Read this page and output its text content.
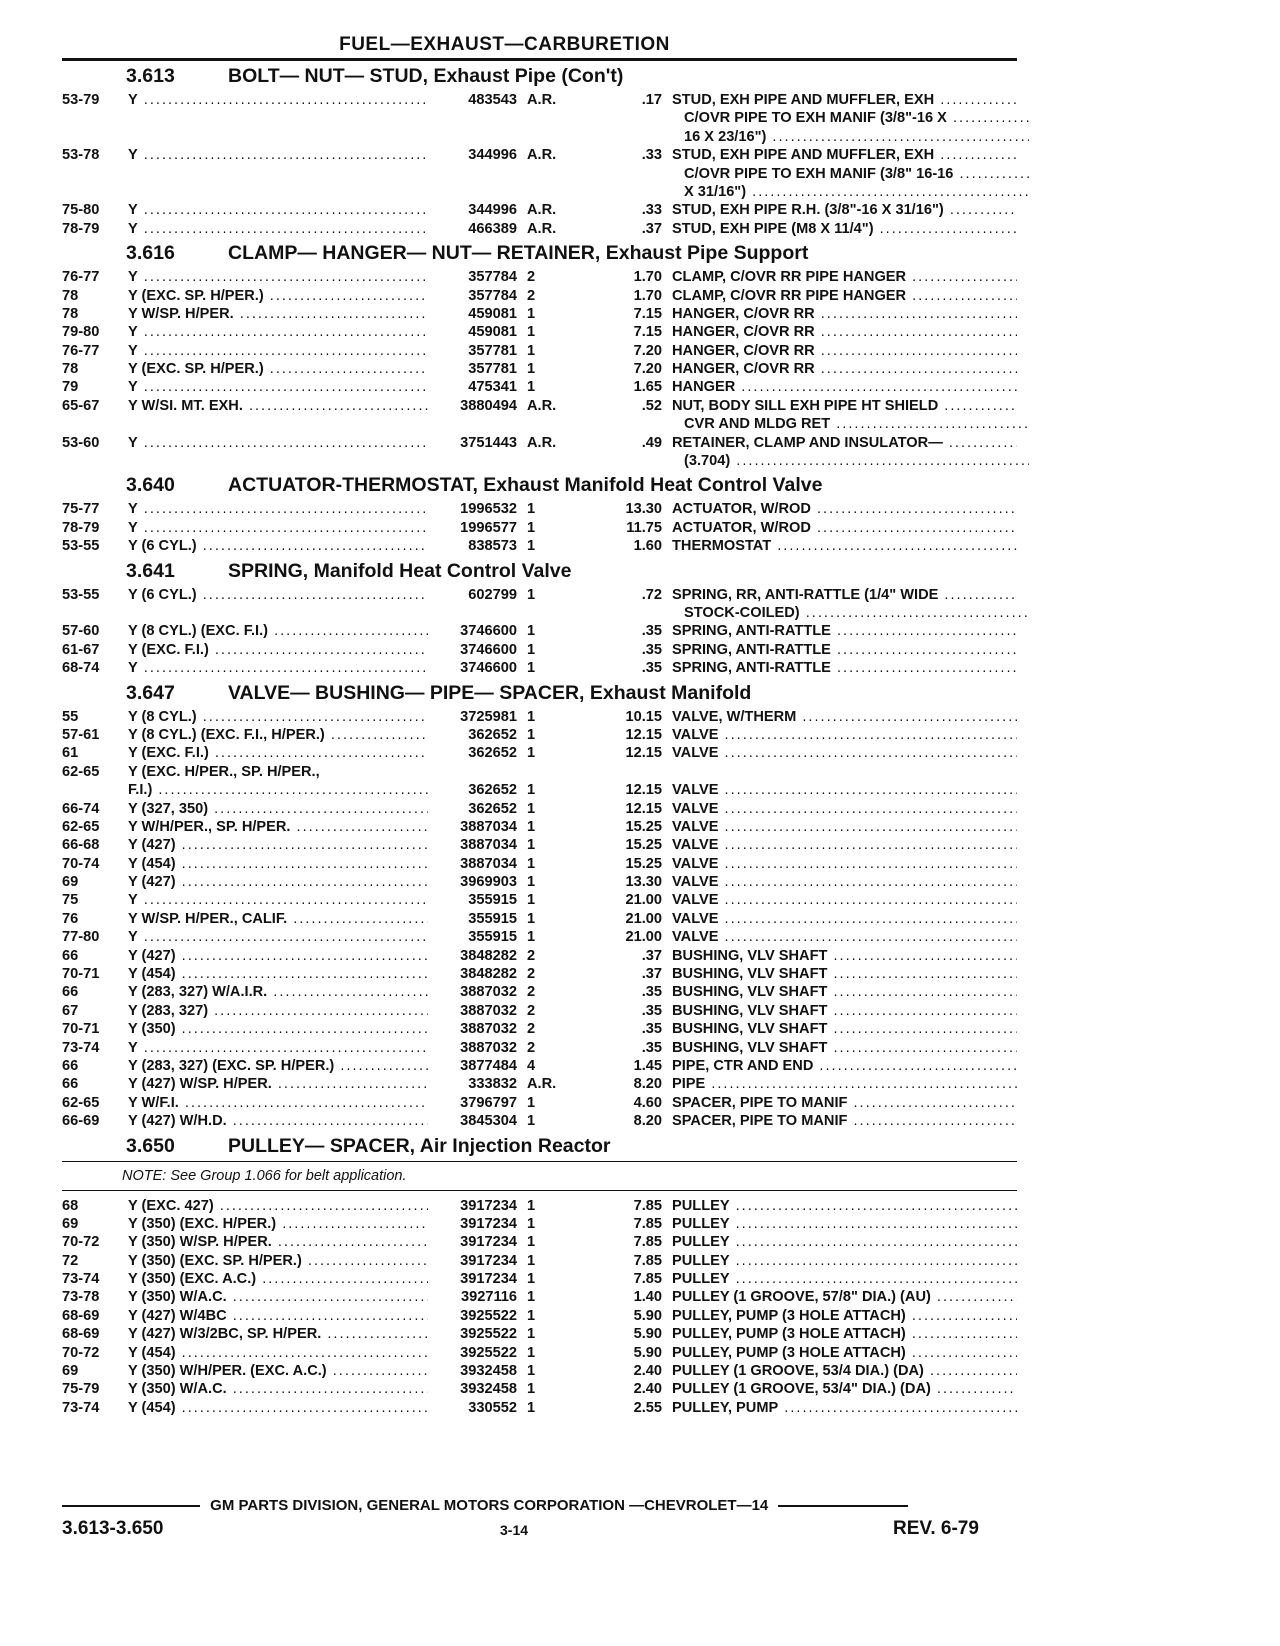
FUEL—EXHAUST—CARBURETION
3.613	BOLT— NUT— STUD, Exhaust Pipe (Con't)
53-79 Y .....	483543 A.R.	.17 STUD, EXH PIPE AND MUFFLER, EXH .....
C/OVR PIPE TO EXH MANIF (3/8"-16 X .....
16 X 23/16") .....
53-78 Y .....	344996 A.R.	.33 STUD, EXH PIPE AND MUFFLER, EXH .....
C/OVR PIPE TO EXH MANIF (3/8" 16-16 .....
X 31/16") .....
75-80 Y .....	344996 A.R.	.33 STUD, EXH PIPE R.H. (3/8"-16 X 31/16") .....
78-79 Y .....	466389 A.R.	.37 STUD, EXH PIPE (M8 X 11/4") .....
3.616	CLAMP— HANGER— NUT— RETAINER, Exhaust Pipe Support
76-77 Y .....	357784 2	1.70 CLAMP, C/OVR RR PIPE HANGER .....
78	Y (EXC. SP. H/PER.) .....	357784 2	1.70 CLAMP, C/OVR RR PIPE HANGER .....
78	Y W/SP. H/PER. .....	459081 1	7.15 HANGER, C/OVR RR .....
79-80 Y .....	459081 1	7.15 HANGER, C/OVR RR .....
76-77 Y .....	357781 1	7.20 HANGER, C/OVR RR .....
78	Y (EXC. SP. H/PER.) .....	357781 1	7.20 HANGER, C/OVR RR .....
79	Y .....	475341 1	1.65 HANGER .....
65-67 Y W/SI. MT. EXH. .....	3880494 A.R.	.52 NUT, BODY SILL EXH PIPE HT SHIELD .....
CVR AND MLDG RET .....
53-60 Y .....	3751443 A.R.	.49 RETAINER, CLAMP AND INSULATOR— .....
(3.704) .....
3.640	ACTUATOR-THERMOSTAT, Exhaust Manifold Heat Control Valve
75-77 Y .....	1996532 1	13.30 ACTUATOR, W/ROD .....
78-79 Y .....	1996577 1	11.75 ACTUATOR, W/ROD .....
53-55 Y (6 CYL.) .....	838573 1	1.60 THERMOSTAT .....
3.641	SPRING, Manifold Heat Control Valve
53-55 Y (6 CYL.) .....	602799 1	.72 SPRING, RR, ANTI-RATTLE (1/4" WIDE .....
STOCK-COILED) .....
57-60 Y (8 CYL.) (EXC. F.I.) .....	3746600 1	.35 SPRING, ANTI-RATTLE .....
61-67 Y (EXC. F.I.) .....	3746600 1	.35 SPRING, ANTI-RATTLE .....
68-74 Y .....	3746600 1	.35 SPRING, ANTI-RATTLE .....
3.647	VALVE— BUSHING— PIPE— SPACER, Exhaust Manifold
55	Y (8 CYL.) .....	3725981 1	10.15 VALVE, W/THERM .....
57-61 Y (8 CYL.) (EXC. F.I., H/PER.) .....	362652 1	12.15 VALVE .....
61	Y (EXC. F.I.) .....	362652 1	12.15 VALVE .....
62-65 Y (EXC. H/PER., SP. H/PER.,
F.I.) .....	362652 1	12.15 VALVE .....
66-74 Y (327, 350) .....	362652 1	12.15 VALVE .....
62-65 Y W/H/PER., SP. H/PER. .....	3887034 1	15.25 VALVE .....
66-68 Y (427) .....	3887034 1	15.25 VALVE .....
70-74 Y (454) .....	3887034 1	15.25 VALVE .....
69	Y (427) .....	3969903 1	13.30 VALVE .....
75	Y .....	355915 1	21.00 VALVE .....
76	Y W/SP. H/PER., CALIF. .....	355915 1	21.00 VALVE .....
77-80 Y .....	355915 1	21.00 VALVE .....
66	Y (427) .....	3848282 2	.37 BUSHING, VLV SHAFT .....
70-71 Y (454) .....	3848282 2	.37 BUSHING, VLV SHAFT .....
66	Y (283, 327) W/A.I.R. .....	3887032 2	.35 BUSHING, VLV SHAFT .....
67	Y (283, 327) .....	3887032 2	.35 BUSHING, VLV SHAFT .....
70-71 Y (350) .....	3887032 2	.35 BUSHING, VLV SHAFT .....
73-74 Y .....	3887032 2	.35 BUSHING, VLV SHAFT .....
66	Y (283, 327) (EXC. SP. H/PER.) .....	3877484 4	1.45 PIPE, CTR AND END .....
66	Y (427) W/SP. H/PER. .....	333832 A.R.	8.20 PIPE .....
62-65 Y W/F.I. .....	3796797 1	4.60 SPACER, PIPE TO MANIF .....
66-69 Y (427) W/H.D. .....	3845304 1	8.20 SPACER, PIPE TO MANIF .....
3.650	PULLEY— SPACER, Air Injection Reactor
NOTE: See Group 1.066 for belt application.
68	Y (EXC. 427) .....	3917234 1	7.85 PULLEY .....
69	Y (350) (EXC. H/PER.) .....	3917234 1	7.85 PULLEY .....
70-72 Y (350) W/SP. H/PER. .....	3917234 1	7.85 PULLEY .....
72	Y (350) (EXC. SP. H/PER.) .....	3917234 1	7.85 PULLEY .....
73-74 Y (350) (EXC. A.C.) .....	3917234 1	7.85 PULLEY .....
73-78 Y (350) W/A.C. .....	3927116 1	1.40 PULLEY (1 GROOVE, 57/8" DIA.) (AU) .....
68-69 Y (427) W/4BC .....	3925522 1	5.90 PULLEY, PUMP (3 HOLE ATTACH) .....
68-69 Y (427) W/3/2BC, SP. H/PER. .....	3925522 1	5.90 PULLEY, PUMP (3 HOLE ATTACH) .....
70-72 Y (454) .....	3925522 1	5.90 PULLEY, PUMP (3 HOLE ATTACH) .....
69	Y (350) W/H/PER. (EXC. A.C.) .....	3932458 1	2.40 PULLEY (1 GROOVE, 53/4 DIA.) (DA) .....
75-79 Y (350) W/A.C. .....	3932458 1	2.40 PULLEY (1 GROOVE, 53/4" DIA.) (DA) .....
73-74 Y (454) .....	330552 1	2.55 PULLEY, PUMP .....
GM PARTS DIVISION, GENERAL MOTORS CORPORATION —CHEVROLET—14
3.613-3.650	3-14	REV. 6-79
